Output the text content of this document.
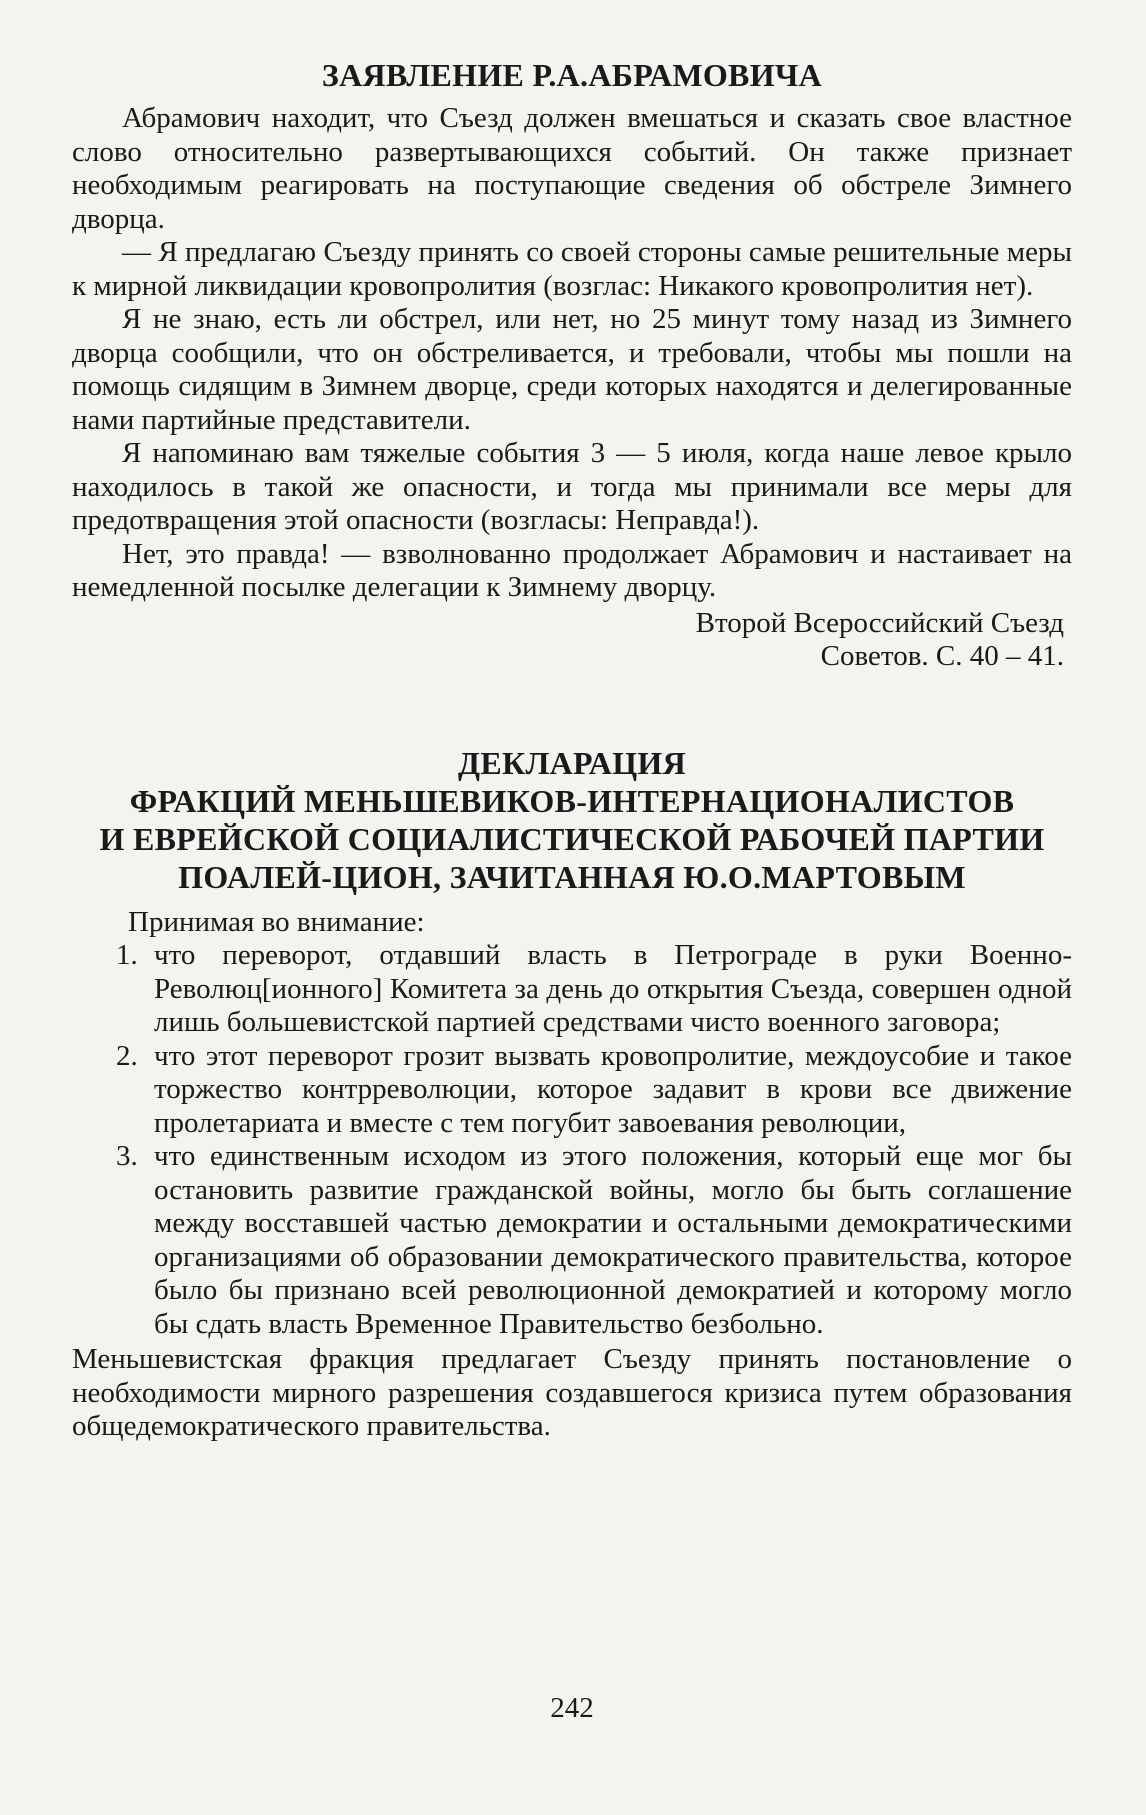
ЗАЯВЛЕНИЕ Р.А.АБРАМОВИЧА

Абрамович находит, что Съезд должен вмешаться и сказать свое властное слово относительно развертывающихся событий. Он также признает необходимым реагировать на поступающие сведения об обстреле Зимнего дворца.

— Я предлагаю Съезду принять со своей стороны самые решительные меры к мирной ликвидации кровопролития (возглас: Никакого кровопролития нет).

Я не знаю, есть ли обстрел, или нет, но 25 минут тому назад из Зимнего дворца сообщили, что он обстреливается, и требовали, чтобы мы пошли на помощь сидящим в Зимнем дворце, среди которых находятся и делегированные нами партийные представители.

Я напоминаю вам тяжелые события 3 — 5 июля, когда наше левое крыло находилось в такой же опасности, и тогда мы принимали все меры для предотвращения этой опасности (возгласы: Неправда!).

Нет, это правда! — взволнованно продолжает Абрамович и настаивает на немедленной посылке делегации к Зимнему дворцу.

Второй Всероссийский Съезд
Советов. С. 40 – 41.
ДЕКЛАРАЦИЯ
ФРАКЦИЙ МЕНЬШЕВИКОВ-ИНТЕРНАЦИОНАЛИСТОВ
И ЕВРЕЙСКОЙ СОЦИАЛИСТИЧЕСКОЙ РАБОЧЕЙ ПАРТИИ
ПОАЛЕЙ-ЦИОН, ЗАЧИТАННАЯ Ю.О.МАРТОВЫМ

Принимая во внимание:

1. что переворот, отдавший власть в Петрограде в руки Военно-Революц[ионного] Комитета за день до открытия Съезда, совершен одной лишь большевистской партией средствами чисто военного заговора;
2. что этот переворот грозит вызвать кровопролитие, междоусобие и такое торжество контрреволюции, которое задавит в крови все движение пролетариата и вместе с тем погубит завоевания революции,
3. что единственным исходом из этого положения, который еще мог бы остановить развитие гражданской войны, могло бы быть соглашение между восставшей частью демократии и остальными демократическими организациями об образовании демократического правительства, которое было бы признано всей революционной демократией и которому могло бы сдать власть Временное Правительство безбольно.

Меньшевистская фракция предлагает Съезду принять постановление о необходимости мирного разрешения создавшегося кризиса путем образования общедемократического правительства.

242
